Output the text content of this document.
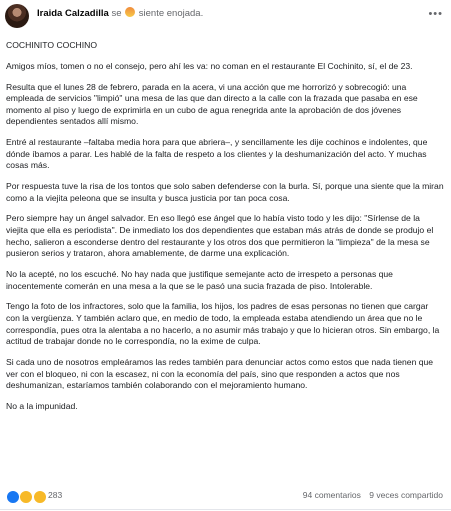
Iraida Calzadilla se siente enojada.	•••

COCHINITO COCHINO

Amigos míos, tomen o no el consejo, pero ahí les va: no coman en el restaurante El Cochinito, sí, el de 23.

Resulta que el lunes 28 de febrero, parada en la acera, vi una acción que me horrorizó y sobrecogió: una empleada de servicios "limpió" una mesa de las que dan directo a la calle con la frazada que pasaba en ese momento al piso y luego de exprimirla en un cubo de agua renegrida ante la aprobación de dos jóvenes dependientes sentados allí mismo.

Entré al restaurante –faltaba media hora para que abriera–, y sencillamente les dije cochinos e indolentes, que dónde íbamos a parar. Les hablé de la falta de respeto a los clientes y la deshumanización del acto. Y muchas cosas más.

Por respuesta tuve la risa de los tontos que solo saben defenderse con la burla. Sí, porque una siente que la miran como a la viejita peleona que se insulta y busca justicia por tan poca cosa.

Pero siempre hay un ángel salvador. En eso llegó ese ángel que lo había visto todo y les dijo: "Sírlense de la viejita que ella es periodista". De inmediato los dos dependientes que estaban más atrás de donde se produjo el hecho, salieron a esconderse dentro del restaurante y los otros dos que permitieron la "limpieza" de la mesa se pusieron serios y trataron, ahora amablemente, de darme una explicación.

No la acepté, no los escuché. No hay nada que justifique semejante acto de irrespeto a personas que inocentemente comerán en una mesa a la que se le pasó una sucia frazada de piso. Intolerable.

Tengo la foto de los infractores, solo que la familia, los hijos, los padres de esas personas no tienen que cargar con la vergüenza. Y también aclaro que, en medio de todo, la empleada estaba atendiendo un área que no le correspondía, pues otra la alentaba a no hacerlo, a no asumir más trabajo y que lo hicieran otros. Sin embargo, la actitud de trabajar donde no le correspondía, no la exime de culpa.

Si cada uno de nosotros empleáramos las redes también para denunciar actos como estos que nada tienen que ver con el bloqueo, ni con la escasez, ni con la economía del país, sino que responden a actos que nos deshumanizan, estaríamos también colaborando con el mejoramiento humano.

No a la impunidad.

283	94 comentarios 9 veces compartido
